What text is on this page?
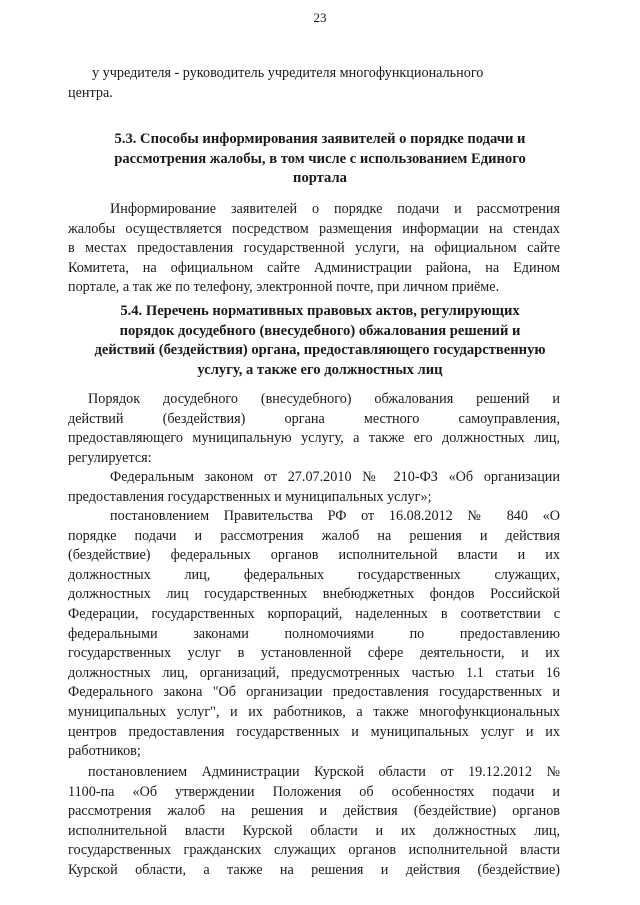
23

у учредителя - руководитель учредителя многофункционального

центра.

5.3. Способы информирования заявителей о порядке подачи и

рассмотрения жалобы, в том числе с использованием Единого

портала

Информирование заявителей о порядке подачи и рассмотрения

жалобы осуществляется посредством размещения информации на стендах

в местах предоставления государственной услуги, на официальном сайте

Комитета, на официальном сайте Администрации района, на Едином

портале, а так же по телефону, электронной почте, при личном приёме.

5.4. Перечень нормативных правовых актов, регулирующих

порядок досудебного (внесудебного) обжалования решений и

действий (бездействия) органа, предоставляющего государственную

услугу, а также его должностных лиц

Порядок досудебного (внесудебного) обжалования решений и

действий (бездействия) органа местного самоуправления,

предоставляющего муниципальную услугу, а также его должностных лиц,

регулируется:

Федеральным законом от 27.07.2010 № 210-ФЗ «Об организации

предоставления государственных и муниципальных услуг»;

постановлением Правительства РФ от 16.08.2012 № 840 «О

порядке подачи и рассмотрения жалоб на решения и действия

(бездействие) федеральных органов исполнительной власти и их

должностных лиц, федеральных государственных служащих,

должностных лиц государственных внебюджетных фондов Российской

Федерации, государственных корпораций, наделенных в соответствии с

федеральными законами полномочиями по предоставлению

государственных услуг в установленной сфере деятельности, и их

должностных лиц, организаций, предусмотренных частью 1.1 статьи 16

Федерального закона "Об организации предоставления государственных и

муниципальных услуг", и их работников, а также многофункциональных

центров предоставления государственных и муниципальных услуг и их

работников;

постановлением Администрации Курской области от 19.12.2012 №

1100-па «Об утверждении Положения об особенностях подачи и

рассмотрения жалоб на решения и действия (бездействие) органов

исполнительной власти Курской области и их должностных лиц,

государственных гражданских служащих органов исполнительной власти

Курской области, а также на решения и действия (бездействие)
